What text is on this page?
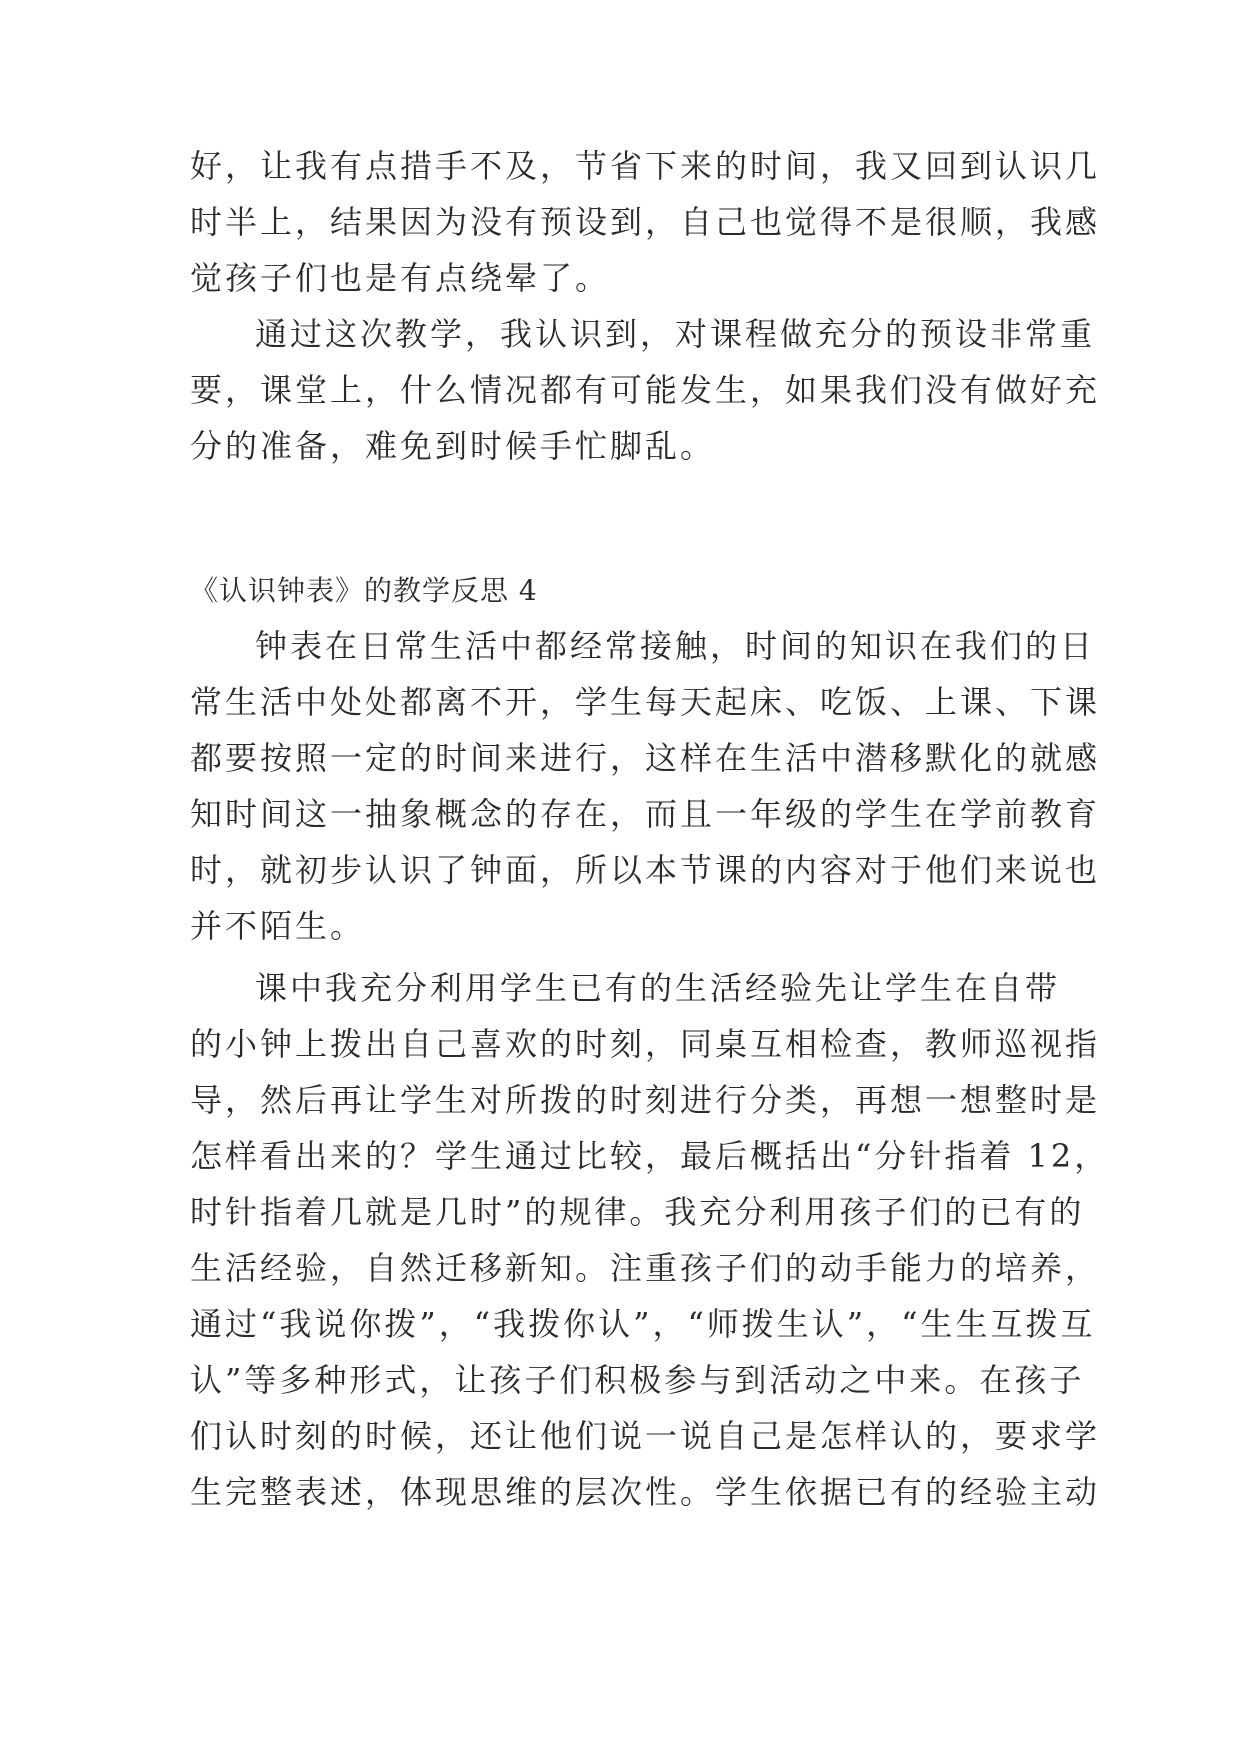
好，让我有点措手不及，节省下来的时间，我又回到认识几
时半上，结果因为没有预设到，自己也觉得不是很顺，我感
觉孩子们也是有点绕晕了。
通过这次教学，我认识到，对课程做充分的预设非常重
要，课堂上，什么情况都有可能发生，如果我们没有做好充
分的准备，难免到时候手忙脚乱。
《认识钟表》的教学反思 4
钟表在日常生活中都经常接触，时间的知识在我们的日
常生活中处处都离不开，学生每天起床、吃饭、上课、下课
都要按照一定的时间来进行，这样在生活中潜移默化的就感
知时间这一抽象概念的存在，而且一年级的学生在学前教育
时，就初步认识了钟面，所以本节课的内容对于他们来说也
并不陌生。
课中我充分利用学生已有的生活经验先让学生在自带
的小钟上拨出自己喜欢的时刻，同桌互相检查，教师巡视指
导，然后再让学生对所拨的时刻进行分类，再想一想整时是
怎样看出来的？学生通过比较，最后概括出“分针指着 12，
时针指着几就是几时”的规律。我充分利用孩子们的已有的
生活经验，自然迁移新知。注重孩子们的动手能力的培养，
通过“我说你拨”，“我拨你认”，“师拨生认”，“生生互拨互
认”等多种形式，让孩子们积极参与到活动之中来。在孩子
们认时刻的时候，还让他们说一说自己是怎样认的，要求学
生完整表述，体现思维的层次性。学生依据已有的经验主动
